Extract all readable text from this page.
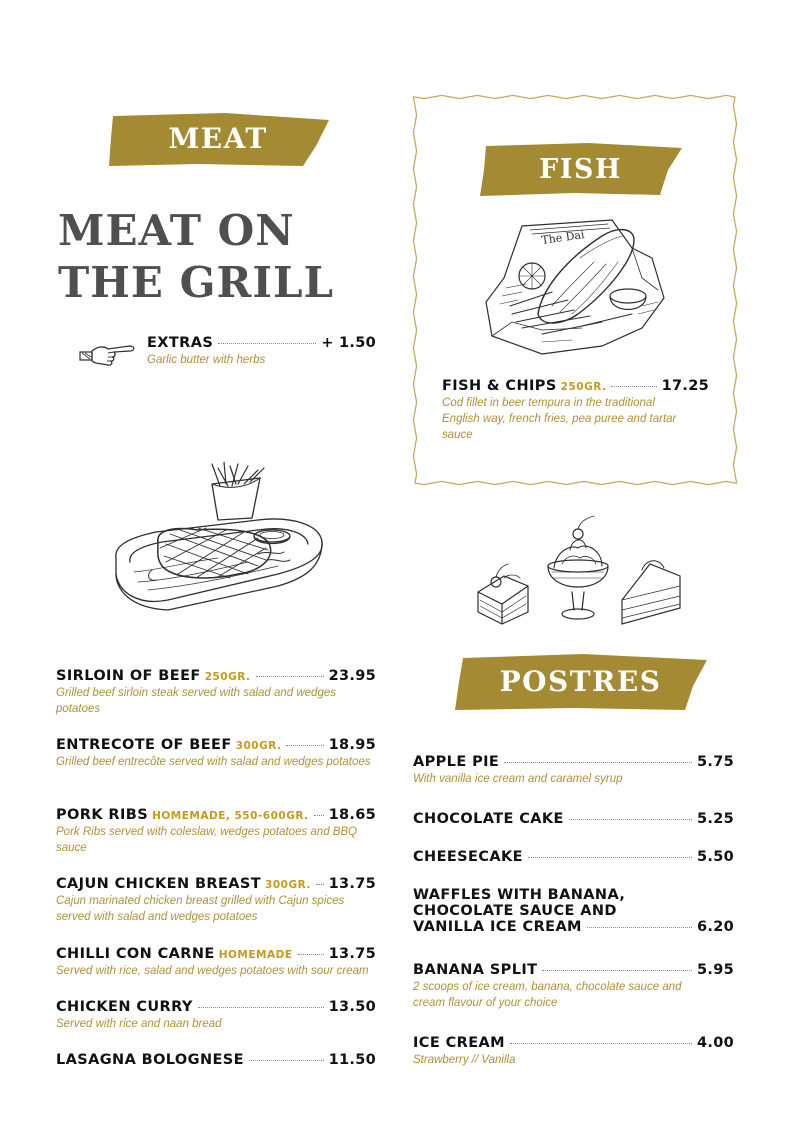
MEAT
MEAT ON
THE GRILL
EXTRAS	+ 1.50
Garlic butter with herbs
SIRLOIN OF BEEF 250GR.	23.95
Grilled beef sirloin steak served with salad and wedges potatoes
ENTRECOTE OF BEEF 300GR.	18.95
Grilled beef entrecôte served with salad and wedges potatoes
PORK RIBS HOMEMADE, 550-600GR. 18.65
Pork Ribs served with coleslaw, wedges potatoes and BBQ sauce
CAJUN CHICKEN BREAST 300GR. 13.75
Cajun marinated chicken breast grilled with Cajun spices served with salad and wedges potatoes
CHILLI CON CARNE HOMEMADE 13.75
Served with rice, salad and wedges potatoes with sour cream
CHICKEN CURRY	13.50
Served with rice and naan bread
LASAGNA BOLOGNESE	11.50
FISH
The Dai
FISH & CHIPS 250GR.	17.25
Cod fillet in beer tempura in the traditional English way, french fries, pea puree and tartar sauce
POSTRES
APPLE PIE	5.75
With vanilla ice cream and caramel syrup
CHOCOLATE CAKE	5.25
CHEESECAKE	5.50
WAFFLES WITH BANANA,
CHOCOLATE SAUCE AND
VANILLA ICE CREAM	6.20
BANANA SPLIT	5.95
2 scoops of ice cream, banana, chocolate sauce and cream flavour of your choice
ICE CREAM	4.00
Strawberry // Vanilla
